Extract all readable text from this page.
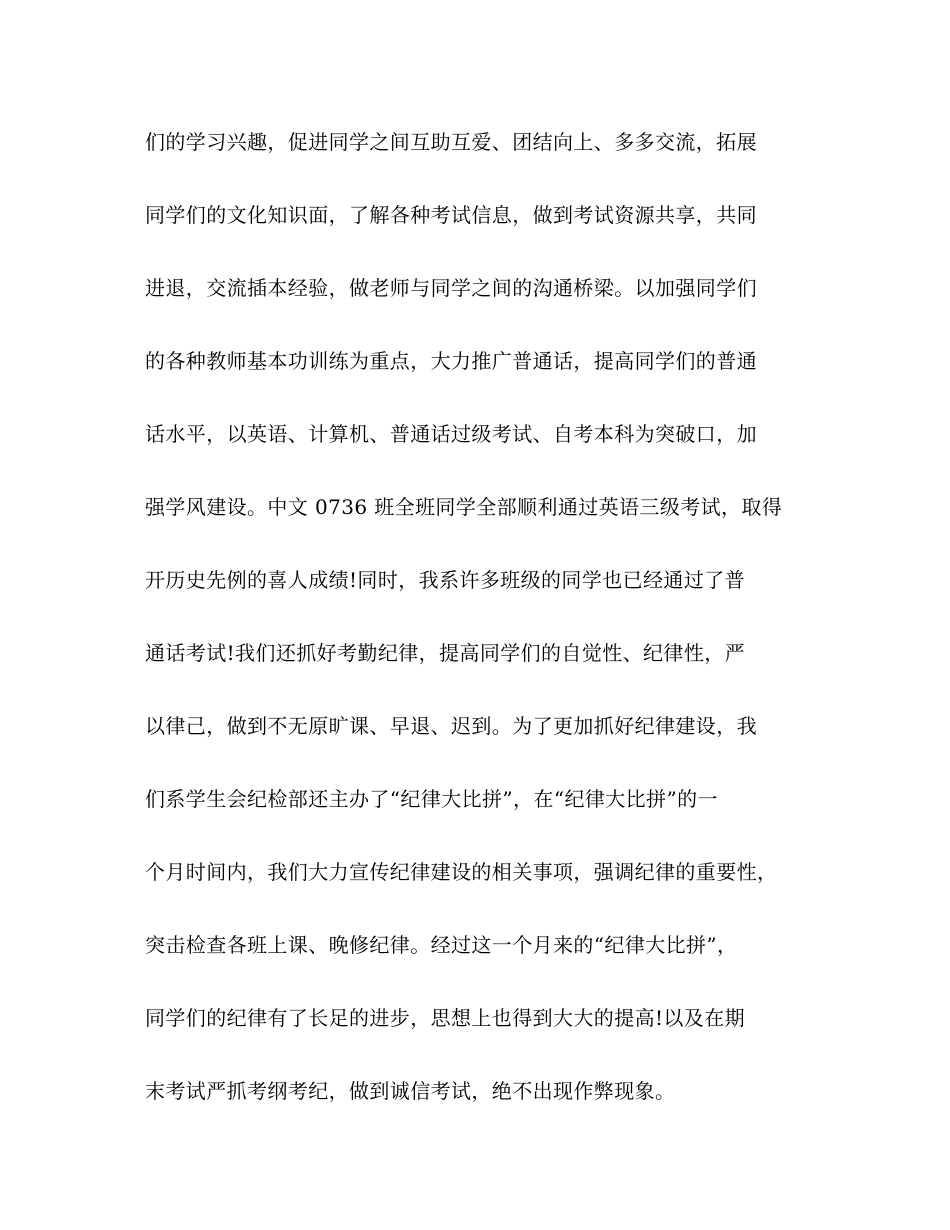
们的学习兴趣，促进同学之间互助互爱、团结向上、多多交流，拓展
同学们的文化知识面，了解各种考试信息，做到考试资源共享，共同
进退，交流插本经验，做老师与同学之间的沟通桥梁。以加强同学们
的各种教师基本功训练为重点，大力推广普通话，提高同学们的普通
话水平，以英语、计算机、普通话过级考试、自考本科为突破口，加
强学风建设。中文 0736 班全班同学全部顺利通过英语三级考试，取得
开历史先例的喜人成绩!同时，我系许多班级的同学也已经通过了普
通话考试!我们还抓好考勤纪律，提高同学们的自觉性、纪律性，严
以律己，做到不无原旷课、早退、迟到。为了更加抓好纪律建设，我
们系学生会纪检部还主办了“纪律大比拼”，在“纪律大比拼”的一
个月时间内，我们大力宣传纪律建设的相关事项，强调纪律的重要性，
突击检查各班上课、晚修纪律。经过这一个月来的“纪律大比拼”，
同学们的纪律有了长足的进步，思想上也得到大大的提高!以及在期
末考试严抓考纲考纪，做到诚信考试，绝不出现作弊现象。
